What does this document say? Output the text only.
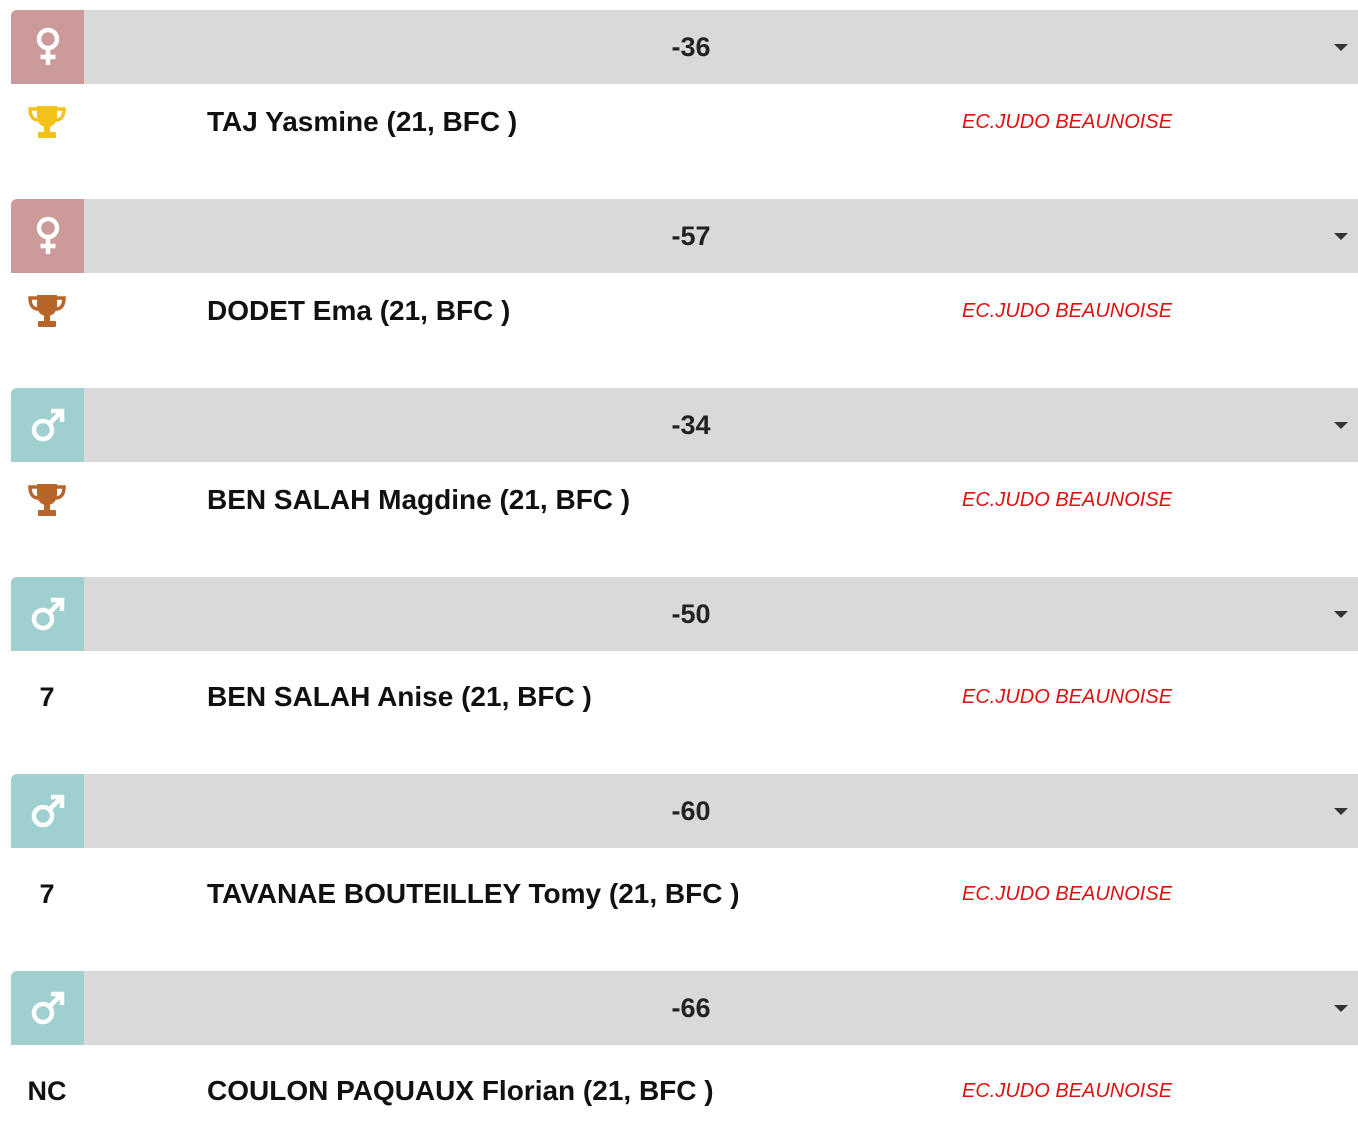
-36
TAJ Yasmine (21, BFC )	EC.JUDO BEAUNOISE
-57
DODET Ema (21, BFC )	EC.JUDO BEAUNOISE
-34
BEN SALAH Magdine (21, BFC )	EC.JUDO BEAUNOISE
-50
7	BEN SALAH Anise (21, BFC )	EC.JUDO BEAUNOISE
-60
7	TAVANAE BOUTEILLEY Tomy (21, BFC )	EC.JUDO BEAUNOISE
-66
NC	COULON PAQUAUX Florian (21, BFC )	EC.JUDO BEAUNOISE
